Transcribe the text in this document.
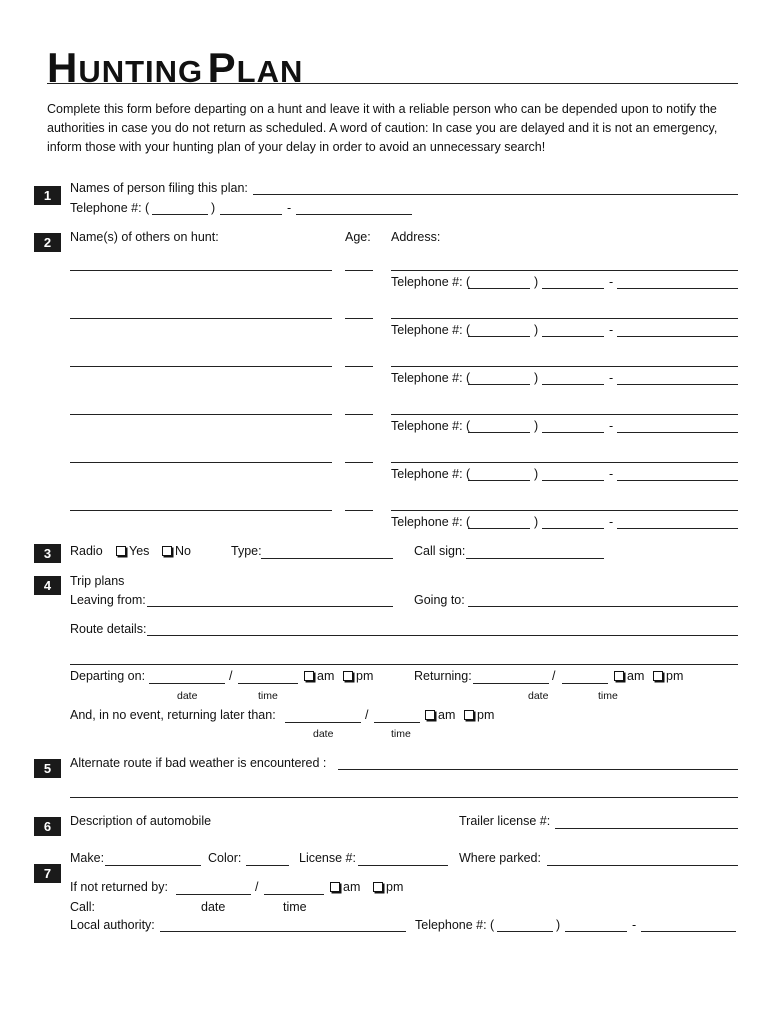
HUNTING PLAN
Complete this form before departing on a hunt and leave it with a reliable person who can be depended upon to notify the
authorities in case you do not return as scheduled. A word of caution: In case you are delayed and it is not an emergency,
inform those with your hunting plan of your delay in order to avoid an unnecessary search!
1	Names of person filing this plan:
Telephone #: (	)	-
2	Name(s) of others on hunt:	Age: Address:
Telephone #: (	)	-
Telephone #: (	)	-
Telephone #: (	)	-
Telephone #: (	)	-
Telephone #: (	)	-
Telephone #: (	)	-
3	Radio	Yes	No	Type:	Call sign:
4	Trip plans
Leaving from:	Going to:
Route details:
Departing on:	/	am	pm
date	time
Returning:	/	am	pm
date	time
And, in no event, returning later than:	/	am	pm
date	time
5	Alternate route if bad weather is encountered :
6	Description of automobile	Trailer license #:
7
Make:	Color:	License #:	Where parked:
If not returned by:	/	am	pm
Call:	date	time
Local authority:	Telephone #: (	)	-
